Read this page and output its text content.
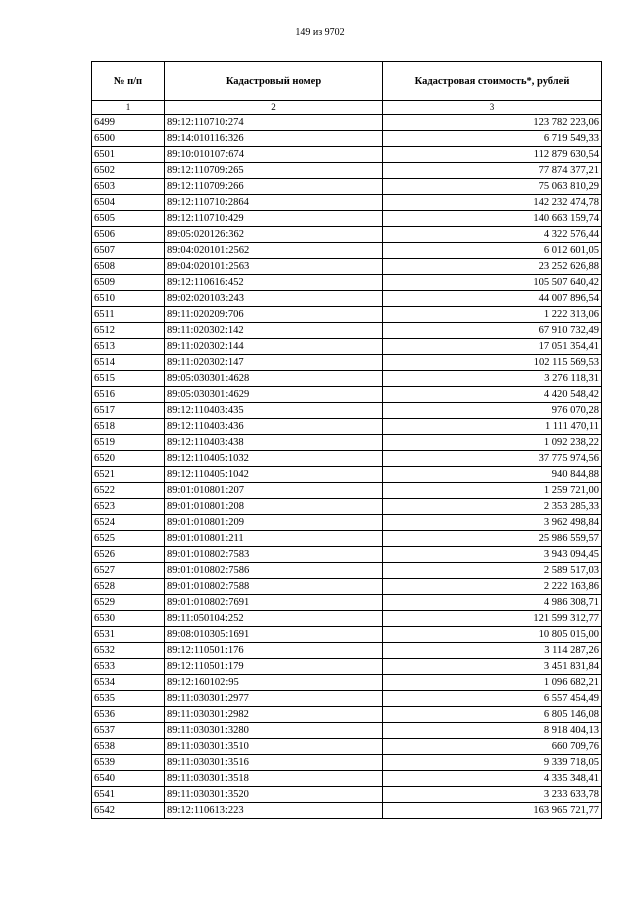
149 из 9702
№ п/п	Кадастровый номер	Кадастровая стоимость*, рублей
1	2	3
6499	89:12:110710:274	123 782 223,06
6500	89:14:010116:326	6 719 549,33
6501	89:10:010107:674	112 879 630,54
6502	89:12:110709:265	77 874 377,21
6503	89:12:110709:266	75 063 810,29
6504	89:12:110710:2864	142 232 474,78
6505	89:12:110710:429	140 663 159,74
6506	89:05:020126:362	4 322 576,44
6507	89:04:020101:2562	6 012 601,05
6508	89:04:020101:2563	23 252 626,88
6509	89:12:110616:452	105 507 640,42
6510	89:02:020103:243	44 007 896,54
6511	89:11:020209:706	1 222 313,06
6512	89:11:020302:142	67 910 732,49
6513	89:11:020302:144	17 051 354,41
6514	89:11:020302:147	102 115 569,53
6515	89:05:030301:4628	3 276 118,31
6516	89:05:030301:4629	4 420 548,42
6517	89:12:110403:435	976 070,28
6518	89:12:110403:436	1 111 470,11
6519	89:12:110403:438	1 092 238,22
6520	89:12:110405:1032	37 775 974,56
6521	89:12:110405:1042	940 844,88
6522	89:01:010801:207	1 259 721,00
6523	89:01:010801:208	2 353 285,33
6524	89:01:010801:209	3 962 498,84
6525	89:01:010801:211	25 986 559,57
6526	89:01:010802:7583	3 943 094,45
6527	89:01:010802:7586	2 589 517,03
6528	89:01:010802:7588	2 222 163,86
6529	89:01:010802:7691	4 986 308,71
6530	89:11:050104:252	121 599 312,77
6531	89:08:010305:1691	10 805 015,00
6532	89:12:110501:176	3 114 287,26
6533	89:12:110501:179	3 451 831,84
6534	89:12:160102:95	1 096 682,21
6535	89:11:030301:2977	6 557 454,49
6536	89:11:030301:2982	6 805 146,08
6537	89:11:030301:3280	8 918 404,13
6538	89:11:030301:3510	660 709,76
6539	89:11:030301:3516	9 339 718,05
6540	89:11:030301:3518	4 335 348,41
6541	89:11:030301:3520	3 233 633,78
6542	89:12:110613:223	163 965 721,77
